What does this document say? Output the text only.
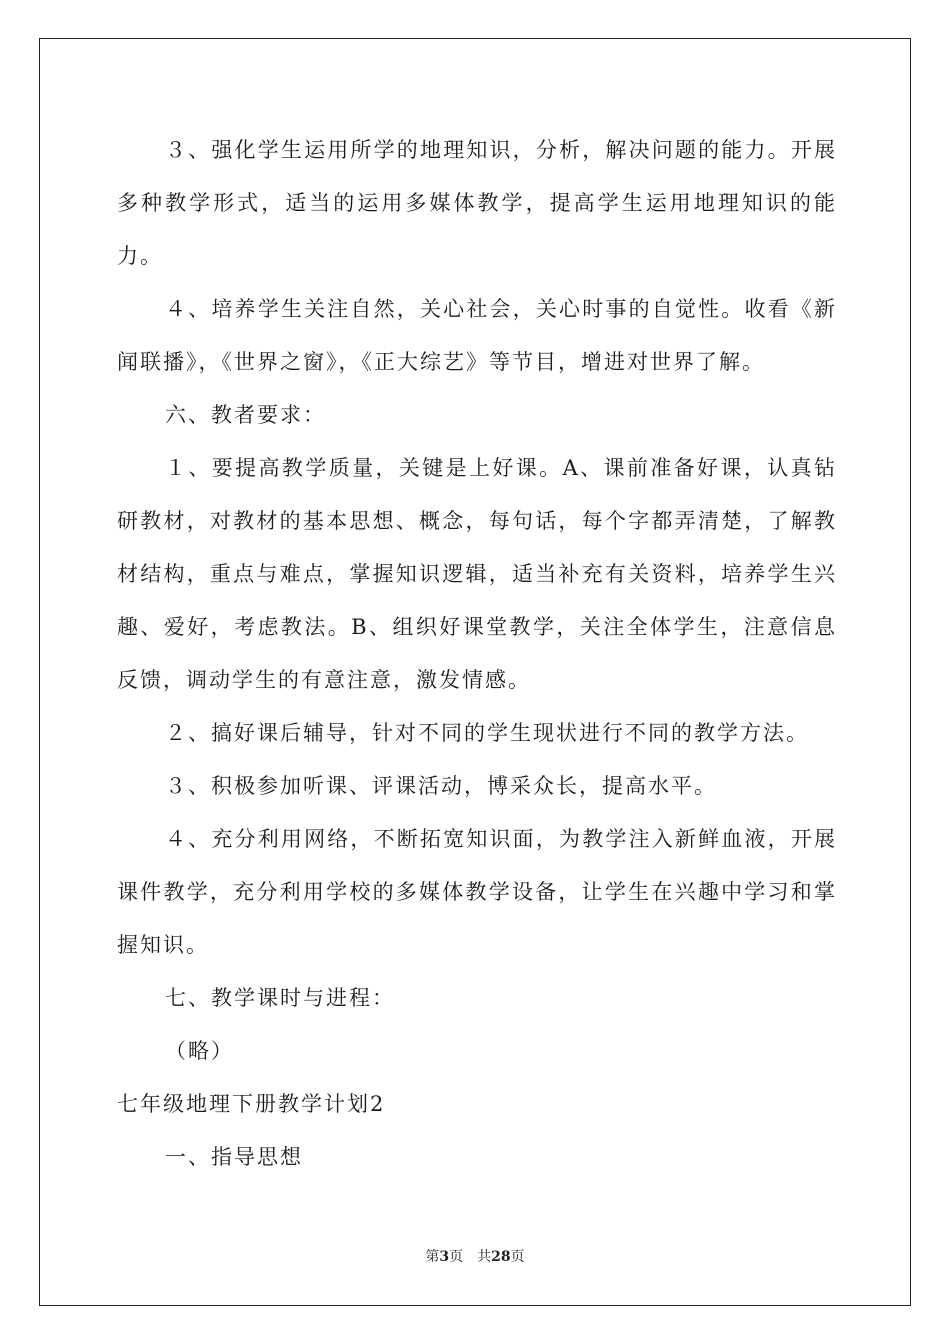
３、强化学生运用所学的地理知识，分析，解决问题的能力。开展多种教学形式，适当的运用多媒体教学，提高学生运用地理知识的能力。

４、培养学生关注自然，关心社会，关心时事的自觉性。收看《新闻联播》，《世界之窗》，《正大综艺》等节目，增进对世界了解。

六、教者要求：

１、要提高教学质量，关键是上好课。A、课前准备好课，认真钻研教材，对教材的基本思想、概念，每句话，每个字都弄清楚，了解教材结构，重点与难点，掌握知识逻辑，适当补充有关资料，培养学生兴趣、爱好，考虑教法。B、组织好课堂教学，关注全体学生，注意信息反馈，调动学生的有意注意，激发情感。

２、搞好课后辅导，针对不同的学生现状进行不同的教学方法。

３、积极参加听课、评课活动，博采众长，提高水平。

４、充分利用网络，不断拓宽知识面，为教学注入新鲜血液，开展课件教学，充分利用学校的多媒体教学设备，让学生在兴趣中学习和掌握知识。

七、教学课时与进程：

（略）

七年级地理下册教学计划2

一、指导思想

第3页 共28页
